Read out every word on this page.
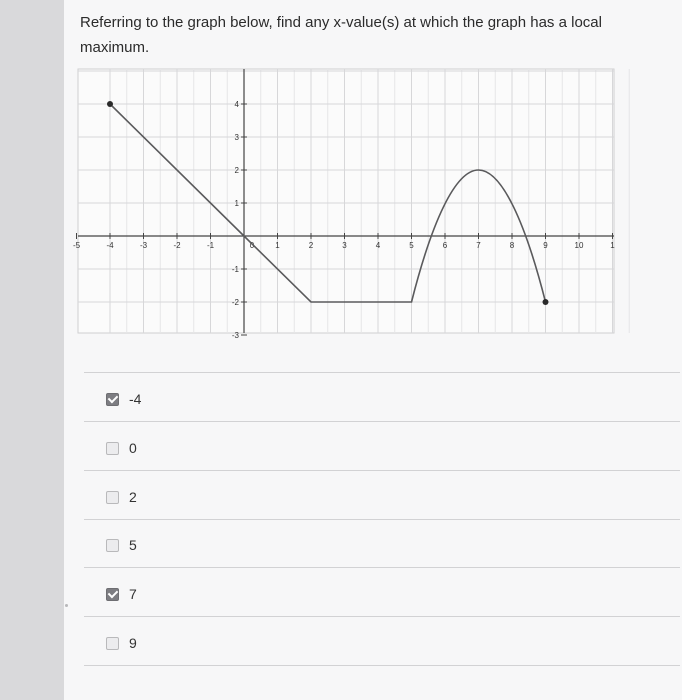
Referring to the graph below, find any x-value(s) at which the graph has a local maximum.
-5	-4	-3	-2	-1	0	1	2	3	4	5	6	7	8	9	10	1
4
3
2
1
-1
-2
-3
-4
0
2
5
7
9
